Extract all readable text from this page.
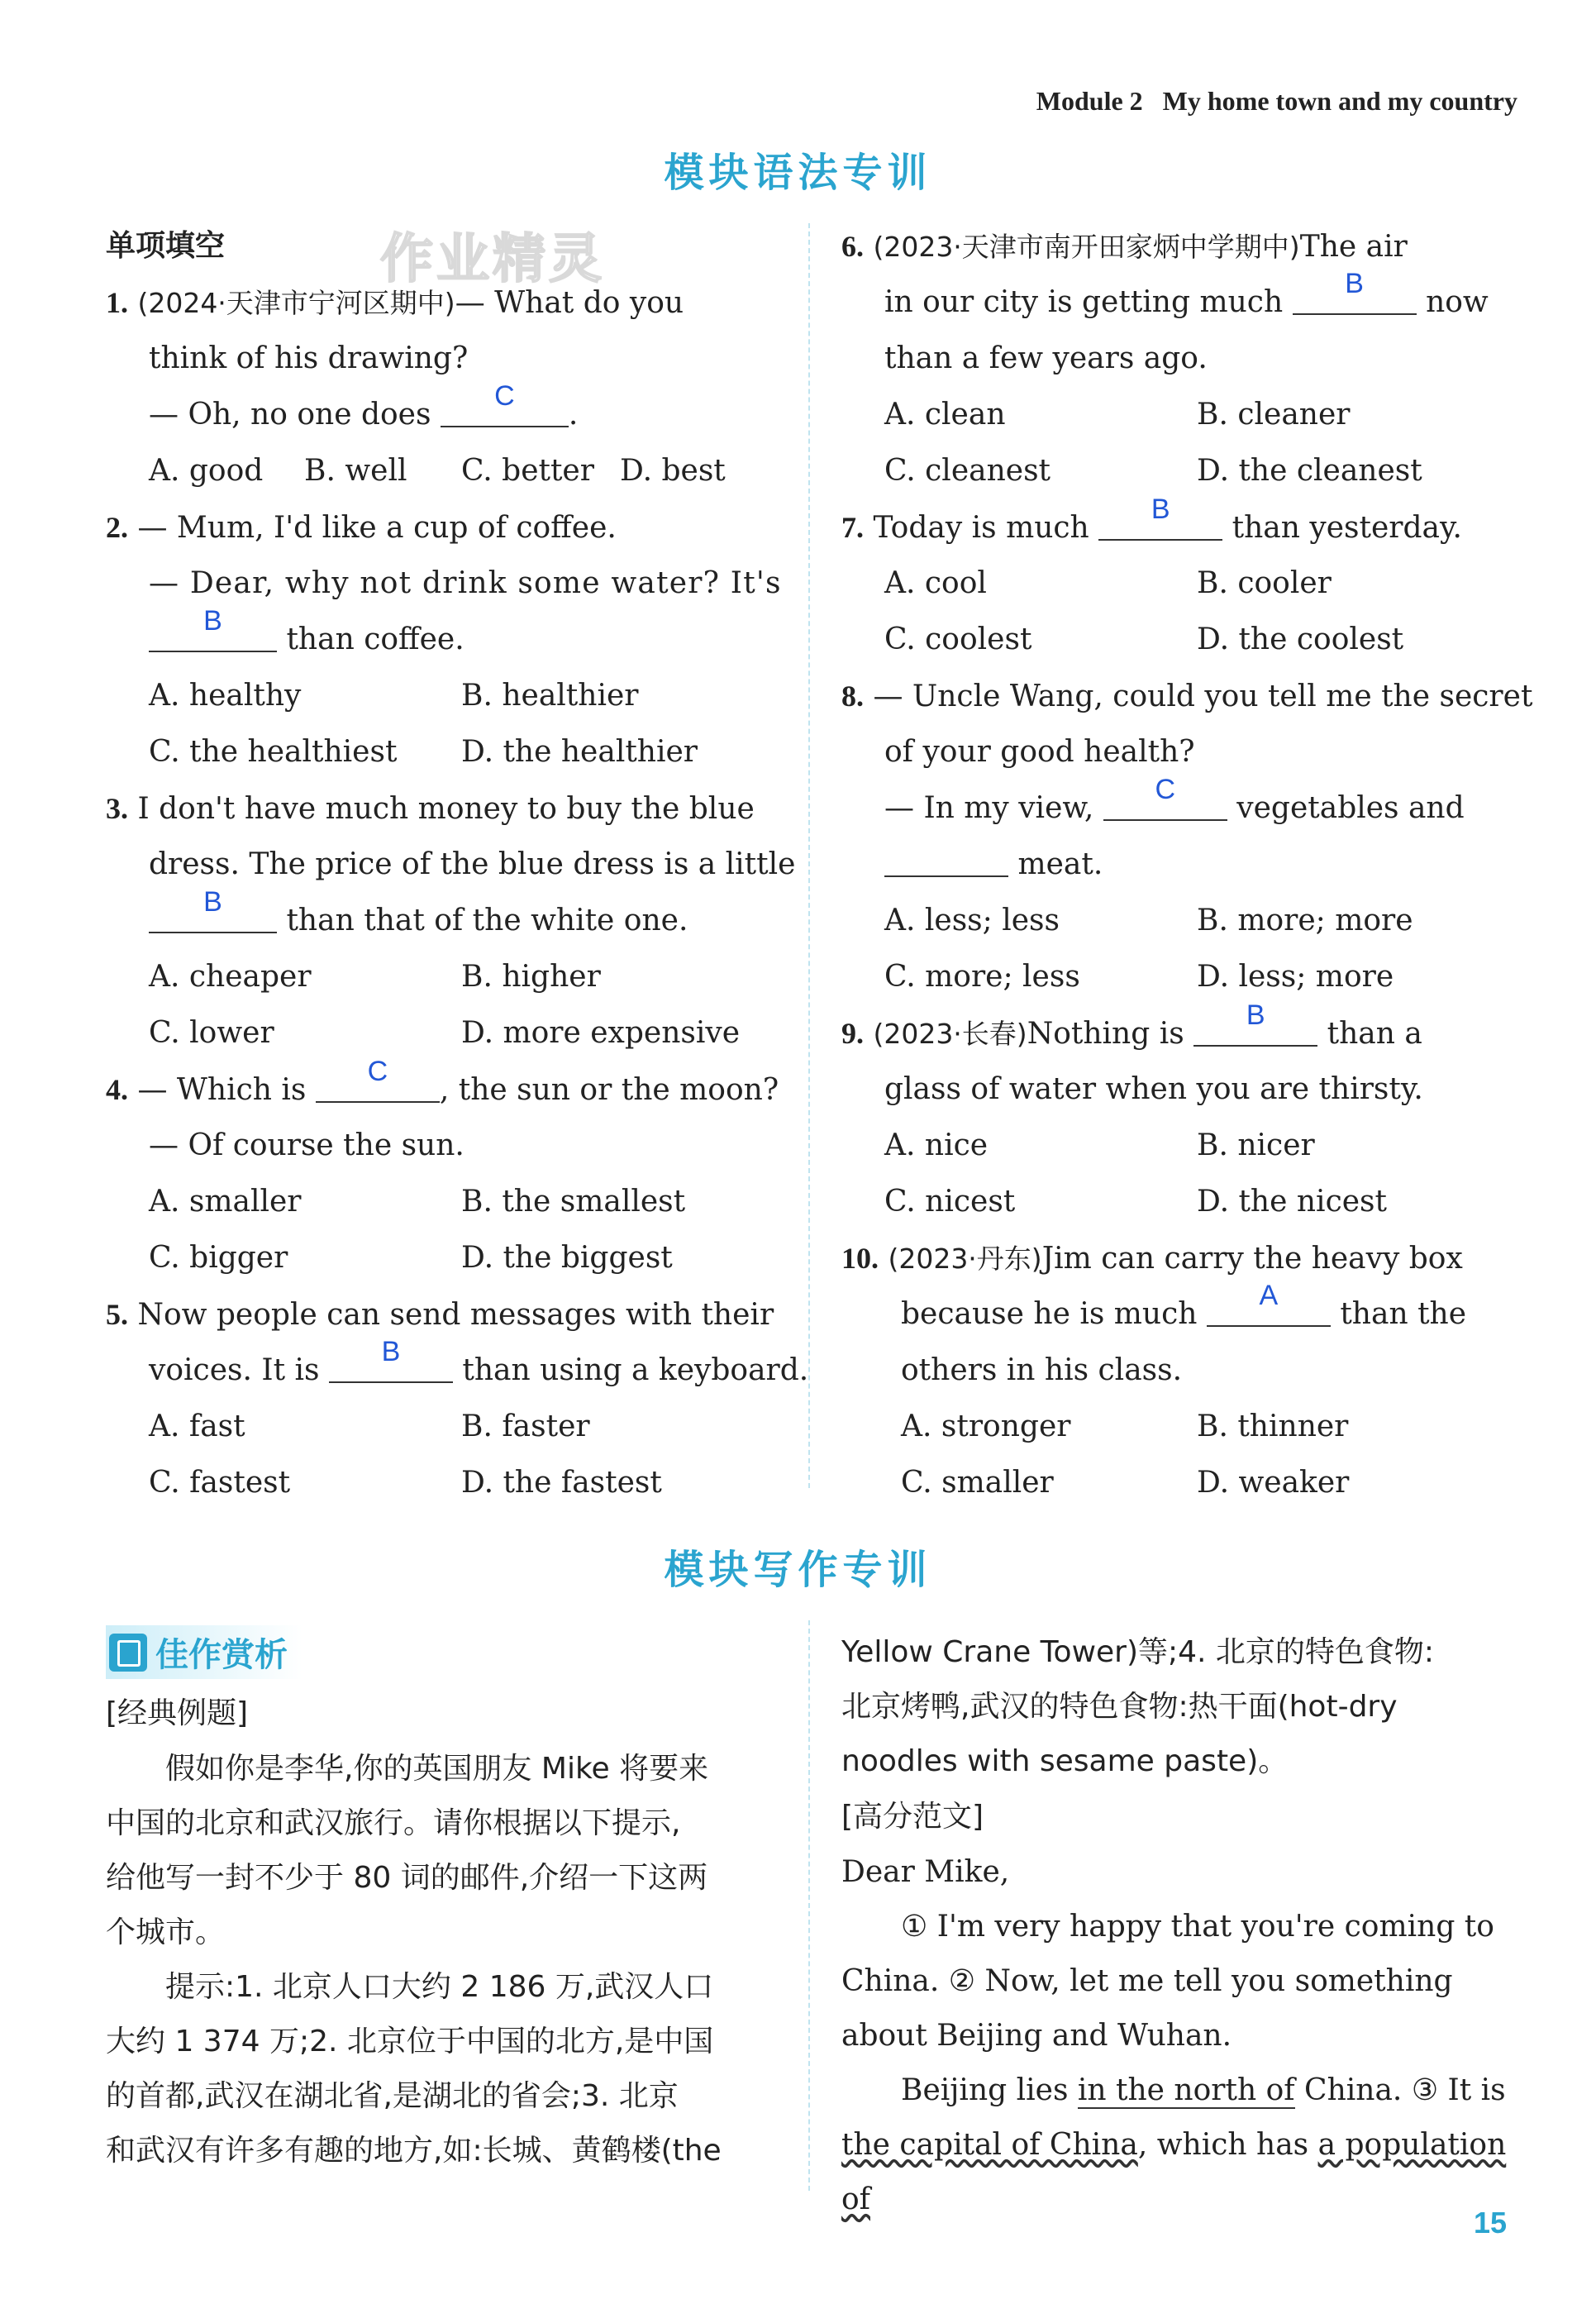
Module 2 My home town and my country
模块语法专训
作业精灵
单项填空
1. (2024·天津市宁河区期中)— What do you
think of his drawing?
— Oh, no one does
C
.
A. good B. well C. better D. best
2. — Mum, I'd like a cup of coffee.
— Dear, why not drink some water? It's
B
than coffee.
A. healthy	B. healthier
C. the healthiest D. the healthier
3. I don't have much money to buy the blue
dress. The price of the blue dress is a little
B
than that of the white one.
A. cheaper	B. higher
C. lower	D. more expensive
4. — Which is
C
, the sun or the moon?
— Of course the sun.
A. smaller	B. the smallest
C. bigger	D. the biggest
5. Now people can send messages with their
voices. It is
B
than using a keyboard.
A. fast	B. faster
C. fastest	D. the fastest
6. (2023·天津市南开田家炳中学期中)The air
in our city is getting much
B
now
than a few years ago.
A. clean	B. cleaner
C. cleanest	D. the cleanest
7. Today is much
B
than yesterday.
A. cool	B. cooler
C. coolest	D. the coolest
8. — Uncle Wang, could you tell me the secret
of your good health?
— In my view,
C
vegetables and
meat.
A. less; less	B. more; more
C. more; less	D. less; more
9. (2023·长春)Nothing is
B
than a
glass of water when you are thirsty.
A. nice	B. nicer
C. nicest	D. the nicest
10. (2023·丹东)Jim can carry the heavy box
because he is much
A
than the
others in his class.
A. stronger	B. thinner
C. smaller	D. weaker
模块写作专训
佳作赏析
[经典例题]
假如你是李华,你的英国朋友 Mike 将要来
中国的北京和武汉旅行。请你根据以下提示,
给他写一封不少于 80 词的邮件,介绍一下这两
个城市。
提示:1. 北京人口大约 2 186 万,武汉人口
大约 1 374 万;2. 北京位于中国的北方,是中国
的首都,武汉在湖北省,是湖北的省会;3. 北京
和武汉有许多有趣的地方,如:长城、黄鹤楼(the
Yellow Crane Tower)等;4. 北京的特色食物:
北京烤鸭,武汉的特色食物:热干面(hot-dry
noodles with sesame paste)。
[高分范文]
Dear Mike,
① I'm very happy that you're coming to
China. ② Now, let me tell you something
about Beijing and Wuhan.
Beijing lies in the north of China. ③ It is
the capital of China, which has a population of
15
